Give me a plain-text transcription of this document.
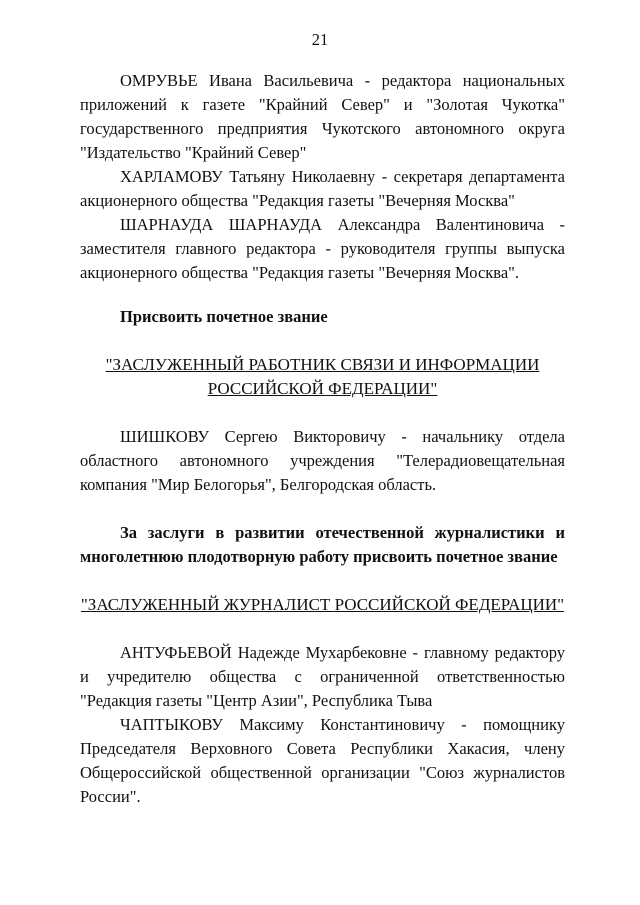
21

ОМРУВЬЕ Ивана Васильевича - редактора национальных приложений к газете "Крайний Север" и "Золотая Чукотка" государственного предприятия Чукотского автономного округа "Издательство "Крайний Север"

ХАРЛАМОВУ Татьяну Николаевну - секретаря департамента акционерного общества "Редакция газеты "Вечерняя Москва"

ШАРНАУДА ШАРНАУДА Александра Валентиновича - заместителя главного редактора - руководителя группы выпуска акционерного общества "Редакция газеты "Вечерняя Москва".

Присвоить почетное звание

"ЗАСЛУЖЕННЫЙ РАБОТНИК СВЯЗИ И ИНФОРМАЦИИ

РОССИЙСКОЙ ФЕДЕРАЦИИ"

ШИШКОВУ Сергею Викторовичу - начальнику отдела областного автономного учреждения "Телерадиовещательная компания "Мир Белогорья", Белгородская область.

За заслуги в развитии отечественной журналистики и многолетнюю плодотворную работу присвоить почетное звание

"ЗАСЛУЖЕННЫЙ ЖУРНАЛИСТ РОССИЙСКОЙ ФЕДЕРАЦИИ"

АНТУФЬЕВОЙ Надежде Мухарбековне - главному редактору и учредителю общества с ограниченной ответственностью "Редакция газеты "Центр Азии", Республика Тыва

ЧАПТЫКОВУ Максиму Константиновичу - помощнику Председателя Верховного Совета Республики Хакасия, члену Общероссийской общественной организации "Союз журналистов России".
